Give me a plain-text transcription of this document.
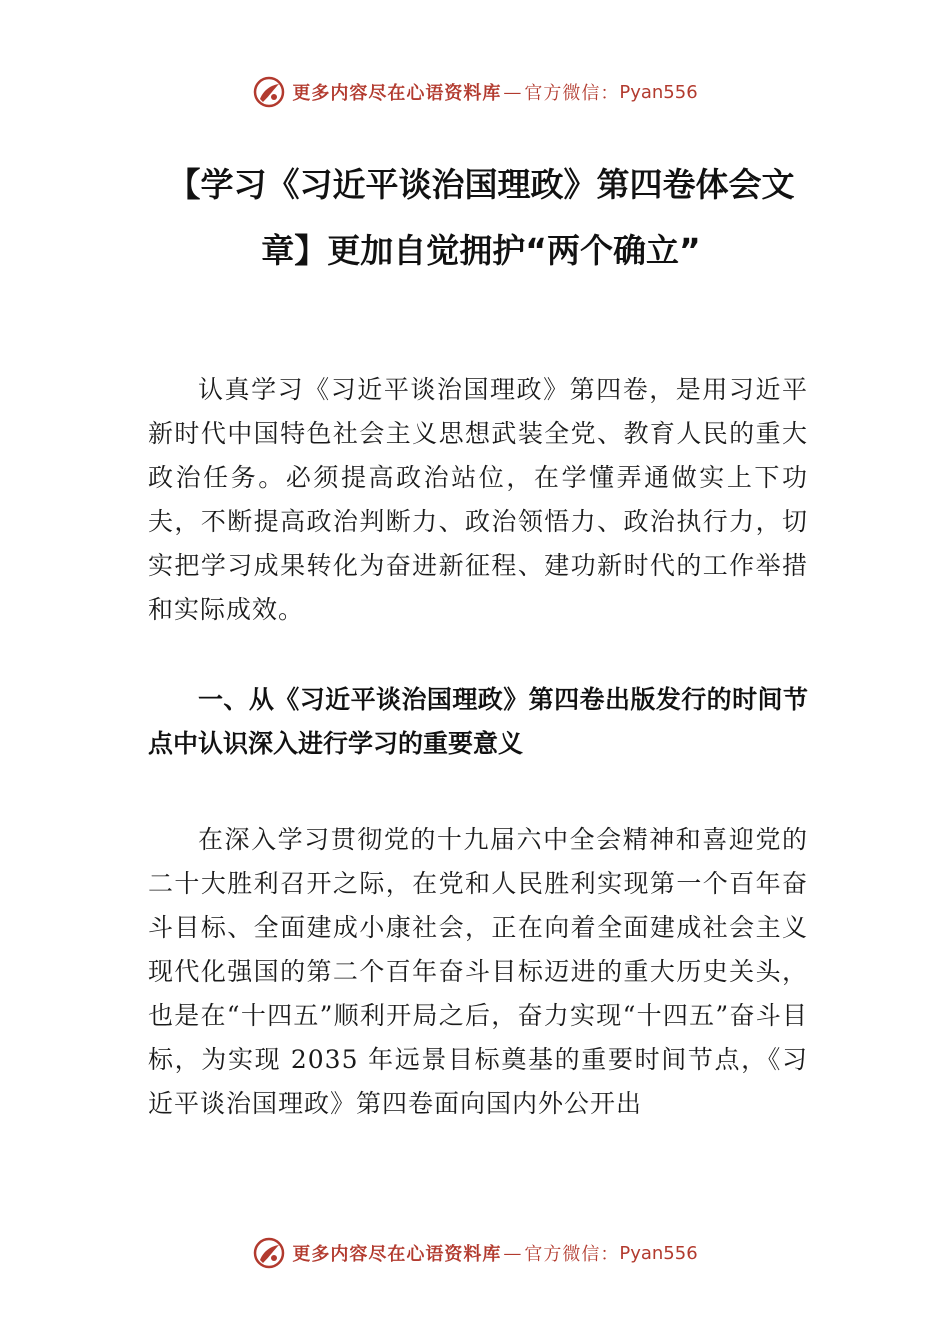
更多内容尽在心语资料库 — 官方微信： Pyan556
【学习《习近平谈治国理政》第四卷体会文章】更加自觉拥护“两个确立”

认真学习《习近平谈治国理政》第四卷，是用习近平新时代中国特色社会主义思想武装全党、教育人民的重大政治任务。必须提高政治站位，在学懂弄通做实上下功夫，不断提高政治判断力、政治领悟力、政治执行力，切实把学习成果转化为奋进新征程、建功新时代的工作举措和实际成效。

一、从《习近平谈治国理政》第四卷出版发行的时间节点中认识深入进行学习的重要意义

在深入学习贯彻党的十九届六中全会精神和喜迎党的二十大胜利召开之际，在党和人民胜利实现第一个百年奋斗目标、全面建成小康社会，正在向着全面建成社会主义现代化强国的第二个百年奋斗目标迈进的重大历史关头，也是在“十四五”顺利开局之后，奋力实现“十四五”奋斗目标，为实现 2035 年远景目标奠基的重要时间节点，《习近平谈治国理政》第四卷面向国内外公开出

更多内容尽在心语资料库 — 官方微信： Pyan556
